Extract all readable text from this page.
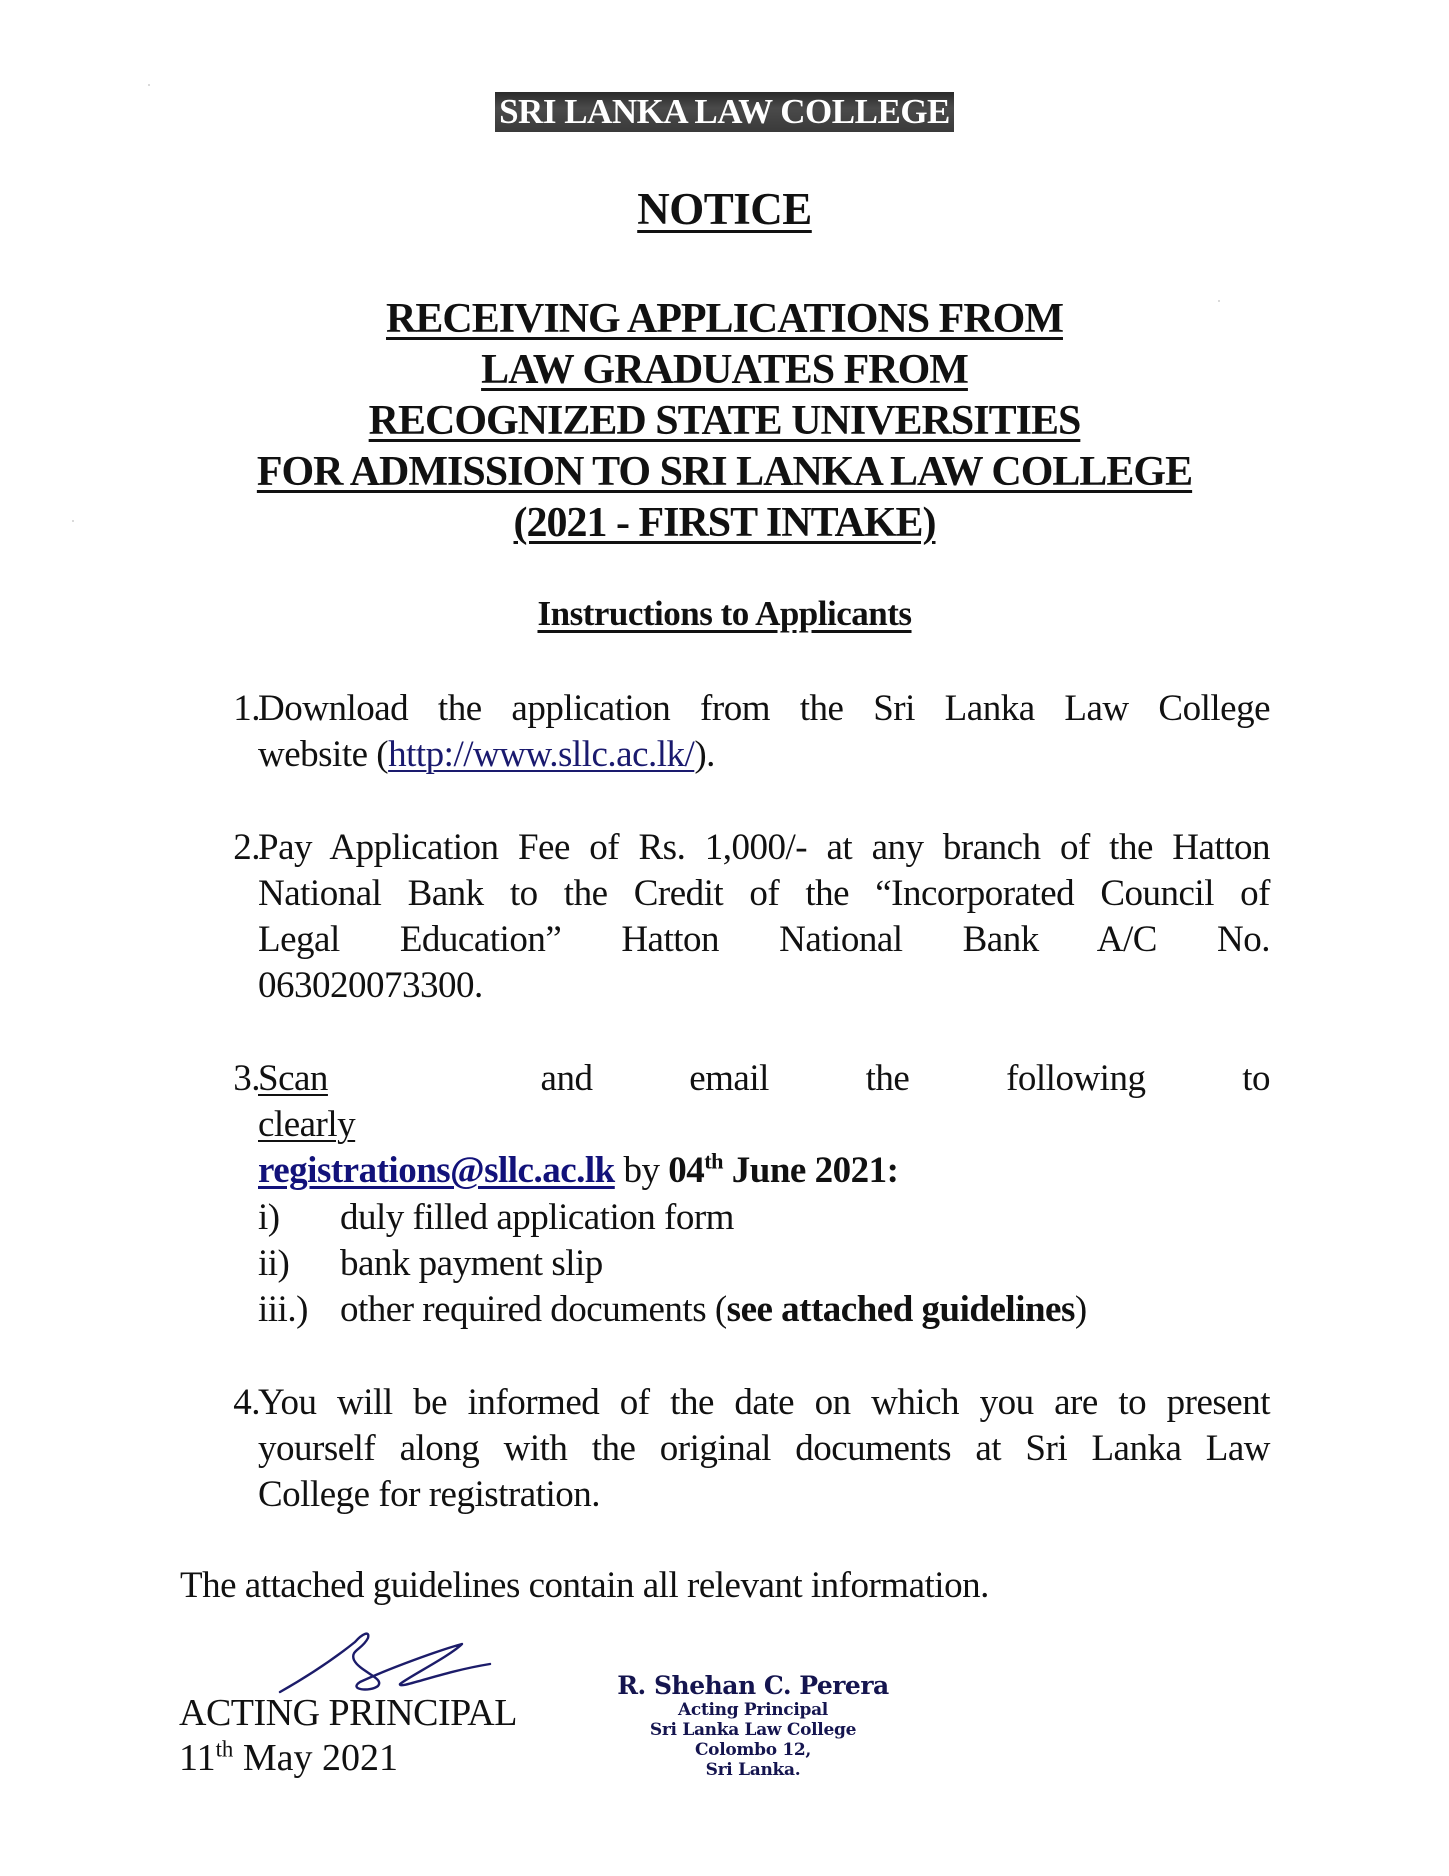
SRI LANKA LAW COLLEGE
NOTICE
RECEIVING APPLICATIONS FROM
LAW GRADUATES FROM
RECOGNIZED STATE UNIVERSITIES
FOR ADMISSION TO SRI LANKA LAW COLLEGE
(2021 - FIRST INTAKE)
Instructions to Applicants
1.
Download the application from the Sri Lanka Law College
website (http://www.sllc.ac.lk/).
2.
Pay Application Fee of Rs. 1,000/- at any branch of the Hatton
National Bank to the Credit of the “Incorporated Council of
Legal Education” Hatton National Bank A/C No.
063020073300.
3.
Scan clearly
and email the following to
registrations@sllc.ac.lk by 04th June 2021:
i) duly filled application form
ii) bank payment slip
iii.) other required documents (see attached guidelines)
4.
You will be informed of the date on which you are to present
yourself along with the original documents at Sri Lanka Law
College for registration.
The attached guidelines contain all relevant information.
ACTING PRINCIPAL
11th May 2021
R. Shehan C. Perera
Acting Principal
Sri Lanka Law College
Colombo 12,
Sri Lanka.
